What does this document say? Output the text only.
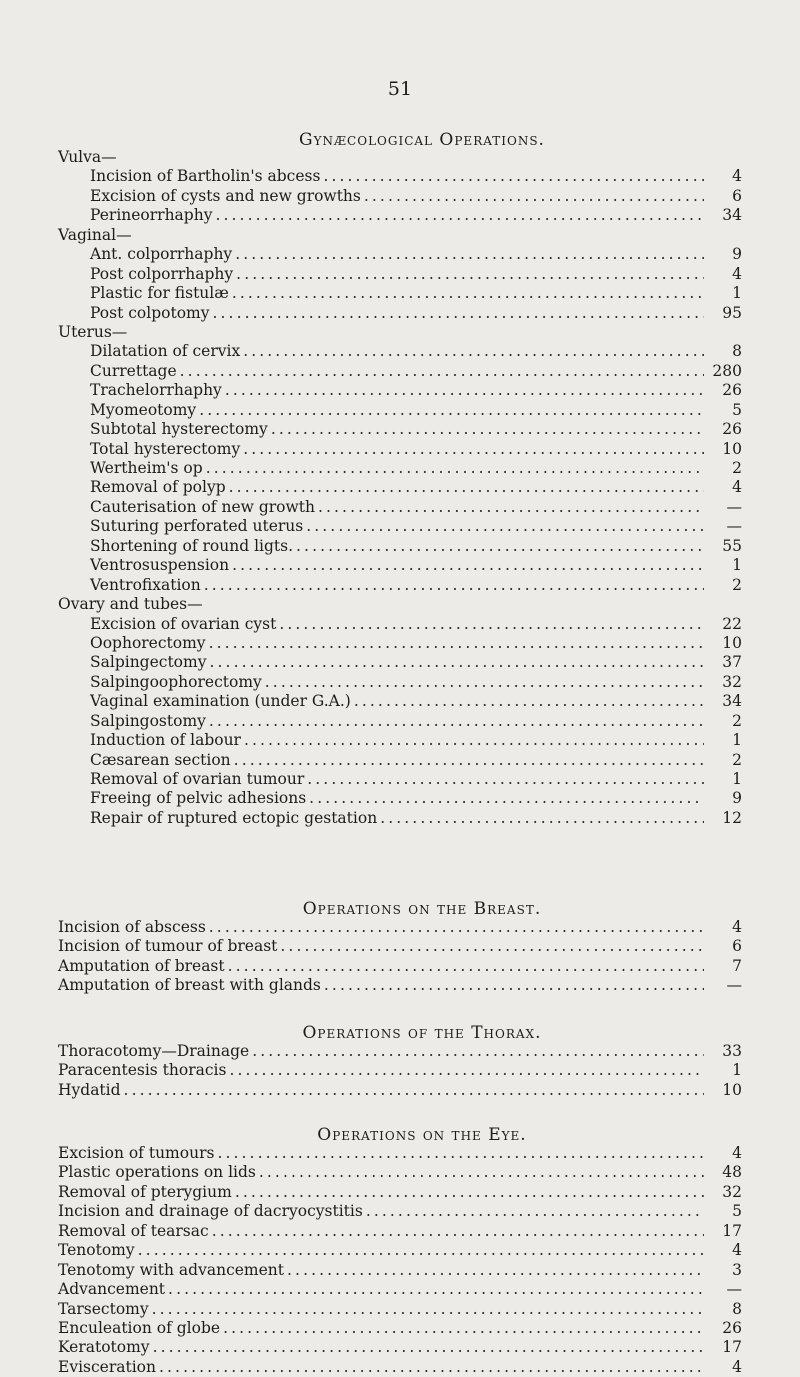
51
Gynæcological Operations.
Vulva—
Incision of Bartholin's abcess .....	4
Excision of cysts and new growths .....	6
Perineorrhaphy .....	34
Vaginal—
Ant. colporrhaphy .....	9
Post colporrhaphy .....	4
Plastic for fistulæ .....	1
Post colpotomy .....	95
Uterus—
Dilatation of cervix .....	8
Currettage .....	280
Trachelorrhaphy .....	26
Myomeotomy .....	5
Subtotal hysterectomy .....	26
Total hysterectomy .....	10
Wertheim's op .....	2
Removal of polyp .....	4
Cauterisation of new growth .....	—
Suturing perforated uterus .....	—
Shortening of round ligts. .....	55
Ventrosuspension .....	1
Ventrofixation .....	2
Ovary and tubes—
Excision of ovarian cyst .....	22
Oophorectomy .....	10
Salpingectomy .....	37
Salpingoophorectomy .....	32
Vaginal examination (under G.A.) .....	34
Salpingostomy .....	2
Induction of labour .....	1
Cæsarean section .....	2
Removal of ovarian tumour .....	1
Freeing of pelvic adhesions .....	9
Repair of ruptured ectopic gestation .....	12
Operations on the Breast.
Incision of abscess .....	4
Incision of tumour of breast .....	6
Amputation of breast .....	7
Amputation of breast with glands .....	—
Operations of the Thorax.
Thoracotomy—Drainage .....	33
Paracentesis thoracis .....	1
Hydatid .....	10
Operations on the Eye.
Excision of tumours .....	4
Plastic operations on lids .....	48
Removal of pterygium .....	32
Incision and drainage of dacryocystitis .....	5
Removal of tearsac .....	17
Tenotomy .....	4
Tenotomy with advancement .....	3
Advancement .....	—
Tarsectomy .....	8
Enculeation of globe .....	26
Keratotomy .....	17
Evisceration .....	4
